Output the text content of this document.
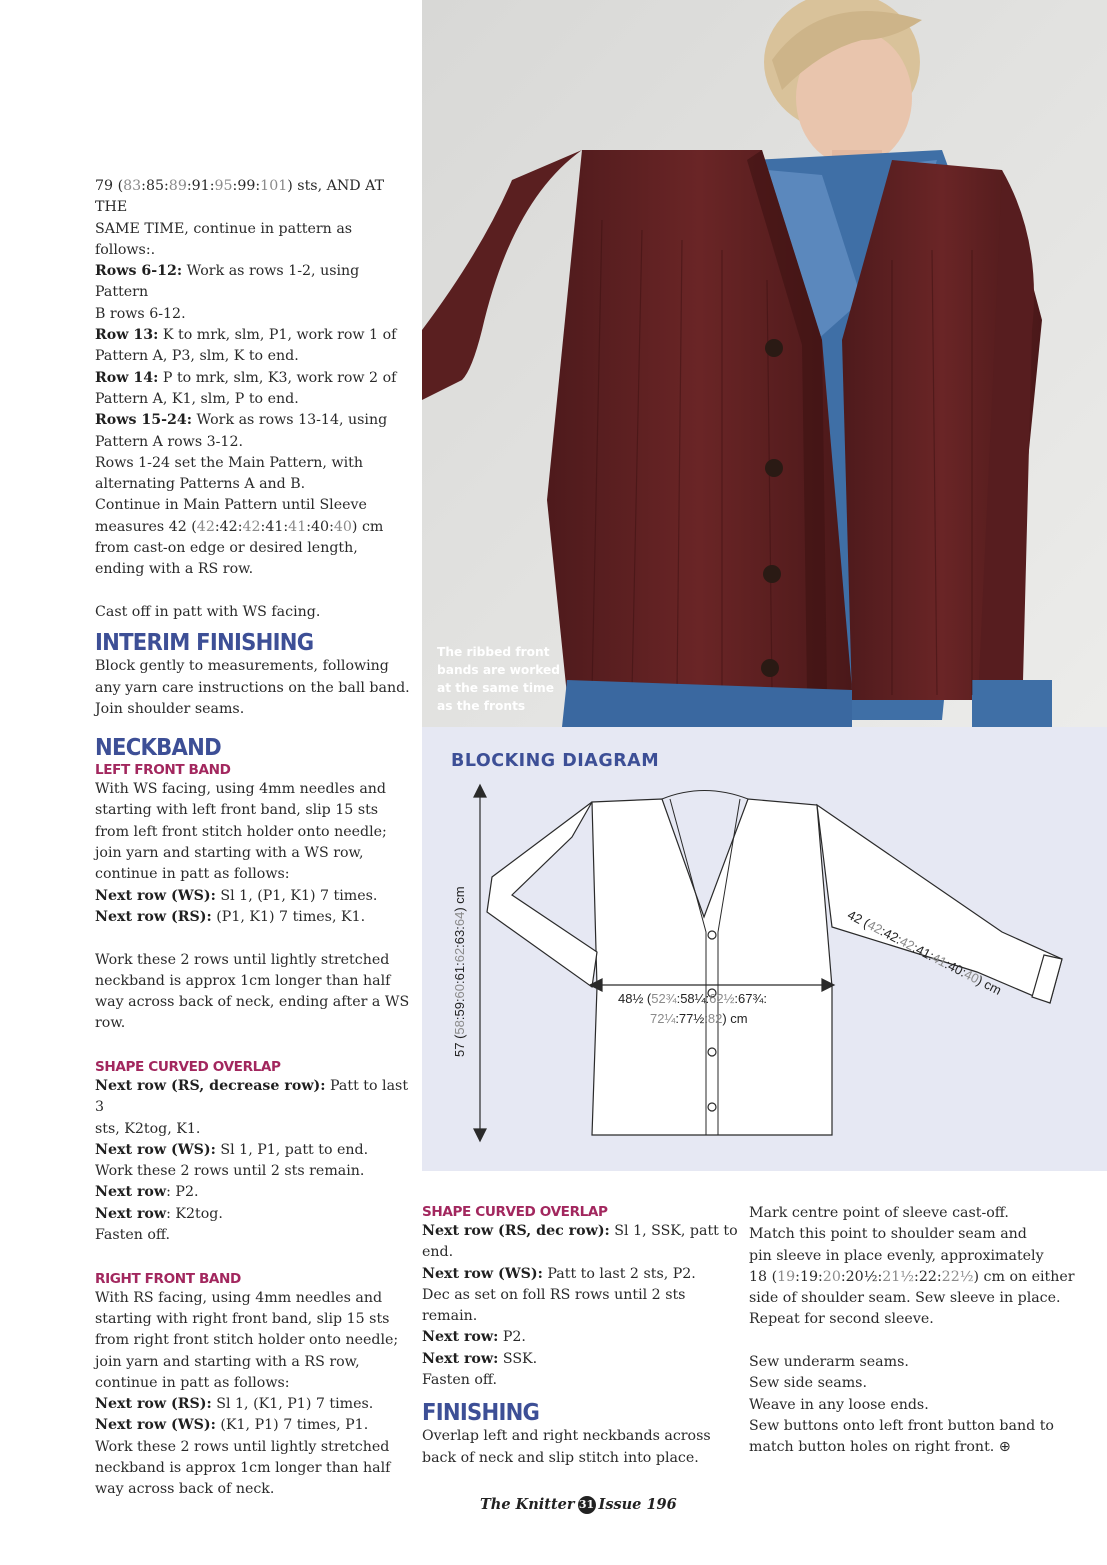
79 (83:85:89:91:95:99:101) sts, AND AT THE

SAME TIME, continue in pattern as

follows:.

Rows 6-12: Work as rows 1-2, using Pattern

B rows 6-12.

Row 13: K to mrk, slm, P1, work row 1 of

Pattern A, P3, slm, K to end.

Row 14: P to mrk, slm, K3, work row 2 of

Pattern A, K1, slm, P to end.

Rows 15-24: Work as rows 13-14, using

Pattern A rows 3-12.

Rows 1-24 set the Main Pattern, with

alternating Patterns A and B.

Continue in Main Pattern until Sleeve

measures 42 (42:42:42:41:41:40:40) cm

from cast-on edge or desired length,

ending with a RS row.

Cast off in patt with WS facing.

INTERIM FINISHING

Block gently to measurements, following

any yarn care instructions on the ball band.

Join shoulder seams.

NECKBAND
LEFT FRONT BAND

With WS facing, using 4mm needles and

starting with left front band, slip 15 sts

from left front stitch holder onto needle;

join yarn and starting with a WS row,

continue in patt as follows:

Next row (WS): Sl 1, (P1, K1) 7 times.

Next row (RS): (P1, K1) 7 times, K1.

Work these 2 rows until lightly stretched

neckband is approx 1cm longer than half

way across back of neck, ending after a WS

row.

SHAPE CURVED OVERLAP

Next row (RS, decrease row): Patt to last 3

sts, K2tog, K1.

Next row (WS): Sl 1, P1, patt to end.

Work these 2 rows until 2 sts remain.

Next row: P2.

Next row: K2tog.

Fasten off.

RIGHT FRONT BAND

With RS facing, using 4mm needles and

starting with right front band, slip 15 sts

from right front stitch holder onto needle;

join yarn and starting with a RS row,

continue in patt as follows:

Next row (RS): Sl 1, (K1, P1) 7 times.

Next row (WS): (K1, P1) 7 times, P1.

Work these 2 rows until lightly stretched

neckband is approx 1cm longer than half

way across back of neck.

The ribbed front
bands are worked
at the same time
as the fronts
BLOCKING DIAGRAM
57 (58:59:60:61:62:63:64) cm
48½ (52¾:58¼:62½:67¾:
72¼:77½:82) cm
42 (42:42:42:41:41:40:40) cm
SHAPE CURVED OVERLAP

Next row (RS, dec row): Sl 1, SSK, patt to

end.

Next row (WS): Patt to last 2 sts, P2.

Dec as set on foll RS rows until 2 sts remain.

Next row: P2.

Next row: SSK.

Fasten off.

FINISHING

Overlap left and right neckbands across

back of neck and slip stitch into place.

Mark centre point of sleeve cast-off.

Match this point to shoulder seam and

pin sleeve in place evenly, approximately

18 (19:19:20:20½:21½:22:22½) cm on either

side of shoulder seam. Sew sleeve in place.

Repeat for second sleeve.

Sew underarm seams.

Sew side seams.

Weave in any loose ends.

Sew buttons onto left front button band to

match button holes on right front. ⊕

The Knitter 31 Issue 196
